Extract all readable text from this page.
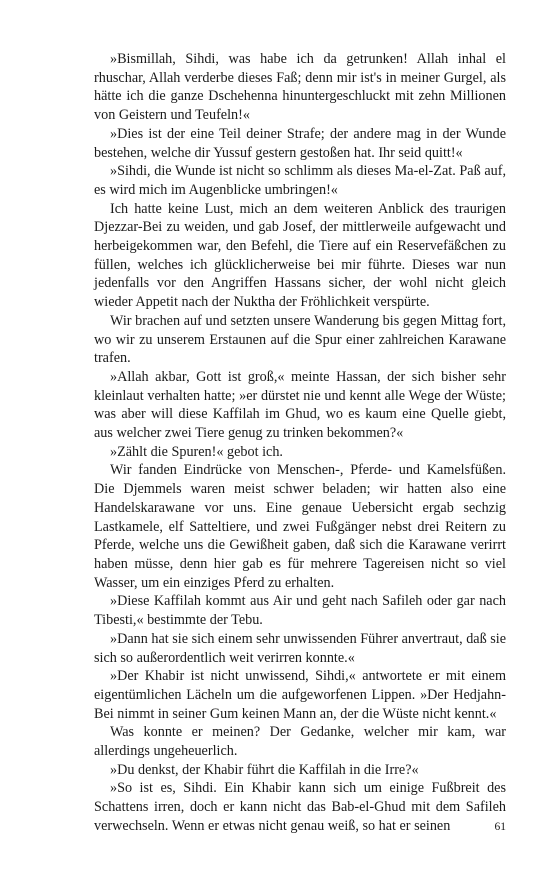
»Bismillah, Sihdi, was habe ich da getrunken! Allah inhal el rhuschar, Allah verderbe dieses Faß; denn mir ist's in meiner Gurgel, als hätte ich die ganze Dschehenna hinuntergeschluckt mit zehn Millionen von Geistern und Teufeln!«

»Dies ist der eine Teil deiner Strafe; der andere mag in der Wunde bestehen, welche dir Yussuf gestern gestoßen hat. Ihr seid quitt!«

»Sihdi, die Wunde ist nicht so schlimm als dieses Ma-el-Zat. Paß auf, es wird mich im Augenblicke umbringen!«

Ich hatte keine Lust, mich an dem weiteren Anblick des traurigen Djezzar-Bei zu weiden, und gab Josef, der mittlerweile aufgewacht und herbeigekommen war, den Befehl, die Tiere auf ein Reservefäßchen zu füllen, welches ich glücklicherweise bei mir führte. Dieses war nun jedenfalls vor den Angriffen Hassans sicher, der wohl nicht gleich wieder Appetit nach der Nuktha der Fröhlichkeit verspürte.

Wir brachen auf und setzten unsere Wanderung bis gegen Mittag fort, wo wir zu unserem Erstaunen auf die Spur einer zahlreichen Karawane trafen.

»Allah akbar, Gott ist groß,« meinte Hassan, der sich bisher sehr kleinlaut verhalten hatte; »er dürstet nie und kennt alle Wege der Wüste; was aber will diese Kaffilah im Ghud, wo es kaum eine Quelle giebt, aus welcher zwei Tiere genug zu trinken bekommen?«

»Zählt die Spuren!« gebot ich.

Wir fanden Eindrücke von Menschen-, Pferde- und Kamelsfüßen. Die Djemmels waren meist schwer beladen; wir hatten also eine Handelskarawane vor uns. Eine genaue Uebersicht ergab sechzig Lastkamele, elf Satteltiere, und zwei Fußgänger nebst drei Reitern zu Pferde, welche uns die Gewißheit gaben, daß sich die Karawane verirrt haben müsse, denn hier gab es für mehrere Tagereisen nicht so viel Wasser, um ein einziges Pferd zu erhalten.

»Diese Kaffilah kommt aus Air und geht nach Safileh oder gar nach Tibesti,« bestimmte der Tebu.

»Dann hat sie sich einem sehr unwissenden Führer anvertraut, daß sie sich so außerordentlich weit verirren konnte.«

»Der Khabir ist nicht unwissend, Sihdi,« antwortete er mit einem eigentümlichen Lächeln um die aufgeworfenen Lippen. »Der Hedjahn-Bei nimmt in seiner Gum keinen Mann an, der die Wüste nicht kennt.«

Was konnte er meinen? Der Gedanke, welcher mir kam, war allerdings ungeheuerlich.

»Du denkst, der Khabir führt die Kaffilah in die Irre?«

»So ist es, Sihdi. Ein Khabir kann sich um einige Fußbreit des Schattens irren, doch er kann nicht das Bab-el-Ghud mit dem Safileh verwechseln. Wenn er etwas nicht genau weiß, so hat er seinen	61
